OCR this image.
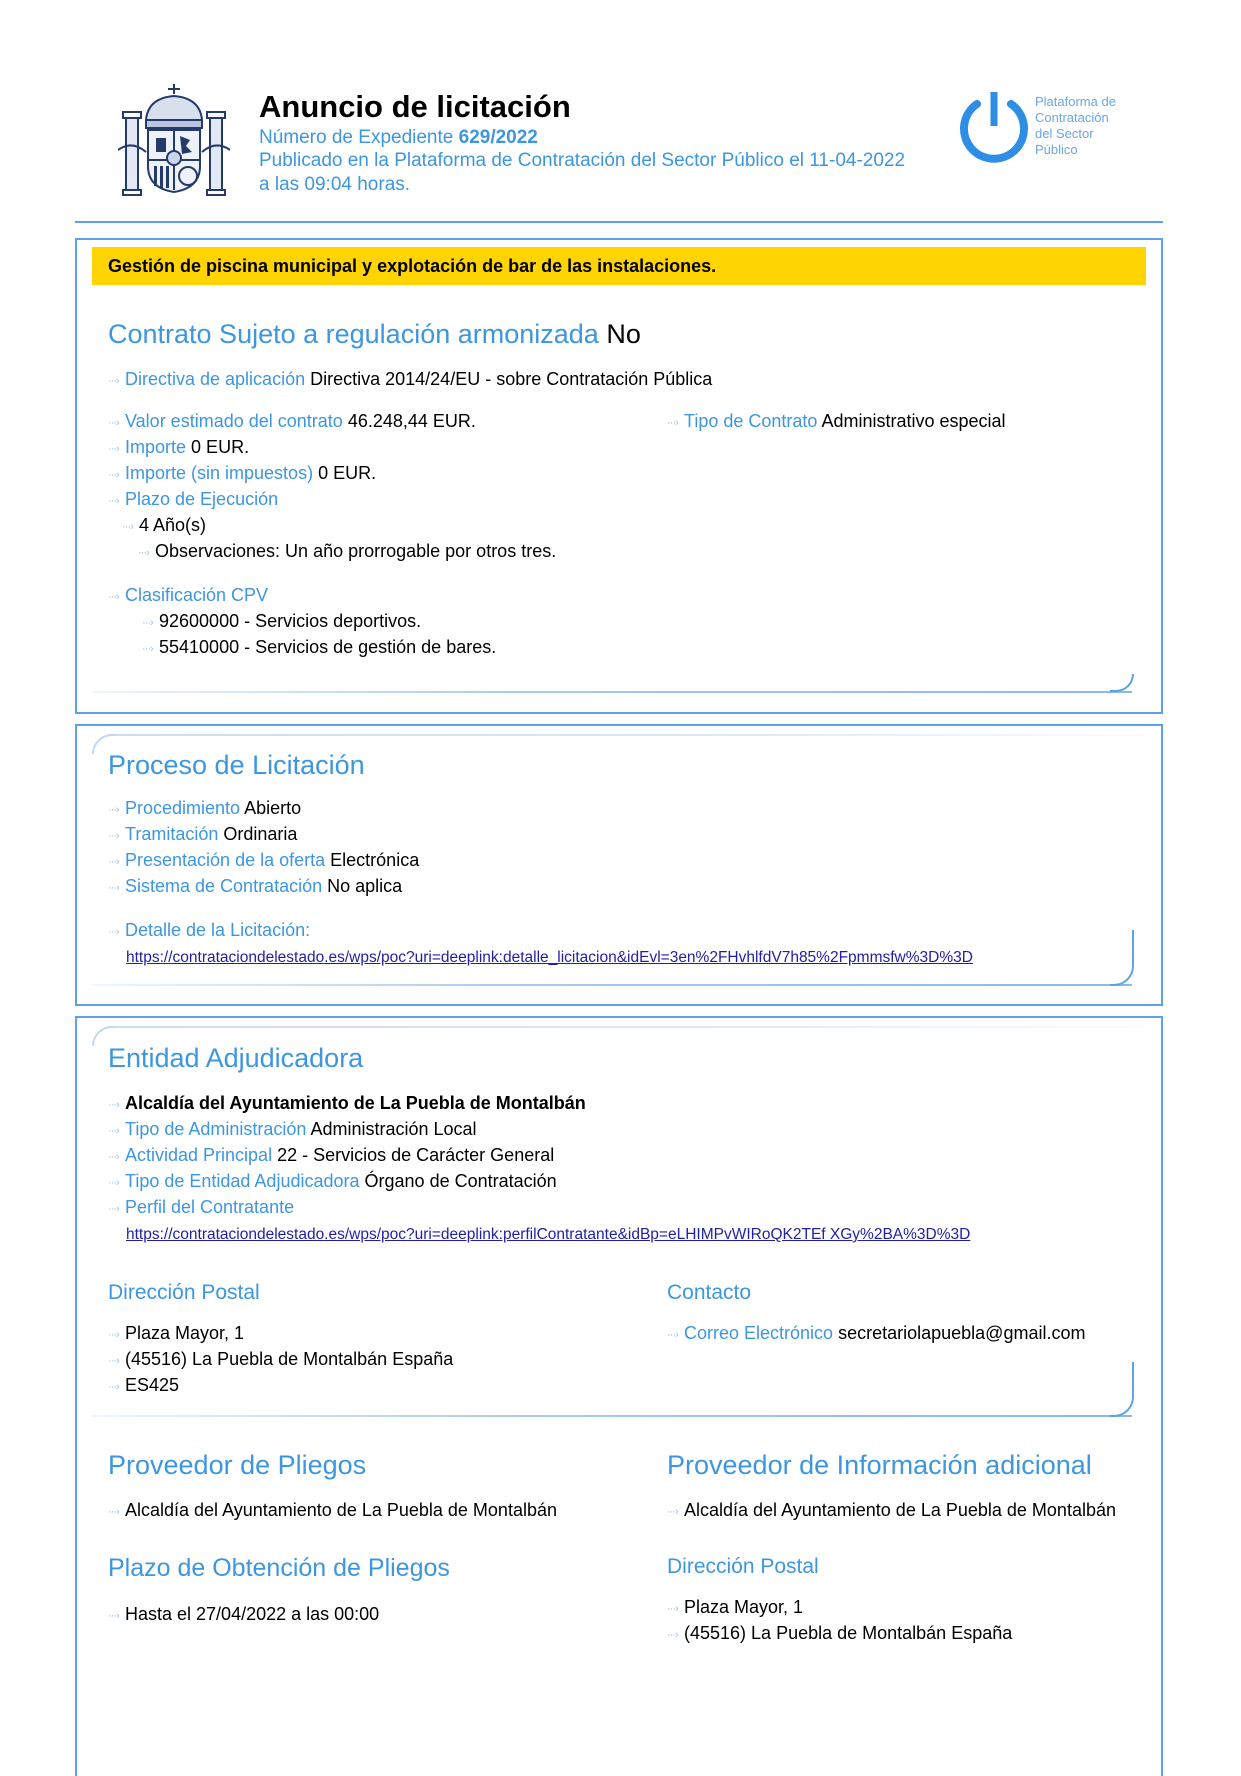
Anuncio de licitación
Número de Expediente 629/2022
Publicado en la Plataforma de Contratación del Sector Público el 11-04-2022
a las 09:04 horas.
Plataforma de
Contratación
del Sector
Público
Gestión de piscina municipal y explotación de bar de las instalaciones.
Contrato Sujeto a regulación armonizada No
···›Directiva de aplicación Directiva 2014/24/EU - sobre Contratación Pública
···›Valor estimado del contrato 46.248,44 EUR. ···›	Tipo de Contrato Administrativo especial
···›Importe 0 EUR.
···›Importe (sin impuestos) 0 EUR.
···›Plazo de Ejecución
···›4 Año(s)
···›Observaciones: Un año prorrogable por otros tres.
···›Clasificación CPV
···›92600000 - Servicios deportivos.
···›55410000 - Servicios de gestión de bares.
Proceso de Licitación
···›Procedimiento Abierto
···›Tramitación Ordinaria
···›Presentación de la oferta Electrónica
···›Sistema de Contratación No aplica
···›Detalle de la Licitación:
https://contrataciondelestado.es/wps/poc?uri=deeplink:detalle_licitacion&idEvl=3en%2FHvhlfdV7h85%2Fpmmsfw%3D%3D
Entidad Adjudicadora
···›Alcaldía del Ayuntamiento de La Puebla de Montalbán
···›Tipo de Administración Administración Local
···›Actividad Principal 22 - Servicios de Carácter General
···›Tipo de Entidad Adjudicadora Órgano de Contratación
···›Perfil del Contratante
https://contrataciondelestado.es/wps/poc?uri=deeplink:perfilContratante&idBp=eLHIMPvWIRoQK2TEf XGy%2BA%3D%3D
Dirección Postal
···›Plaza Mayor, 1
···›(45516) La Puebla de Montalbán España
···›ES425
Contacto
···›Correo Electrónico secretariolapuebla@gmail.com
Proveedor de Pliegos
···›Alcaldía del Ayuntamiento de La Puebla de Montalbán
Plazo de Obtención de Pliegos
···›Hasta el 27/04/2022 a las 00:00
Proveedor de Información adicional
···›Alcaldía del Ayuntamiento de La Puebla de Montalbán
Dirección Postal
···›Plaza Mayor, 1
···›(45516) La Puebla de Montalbán España
